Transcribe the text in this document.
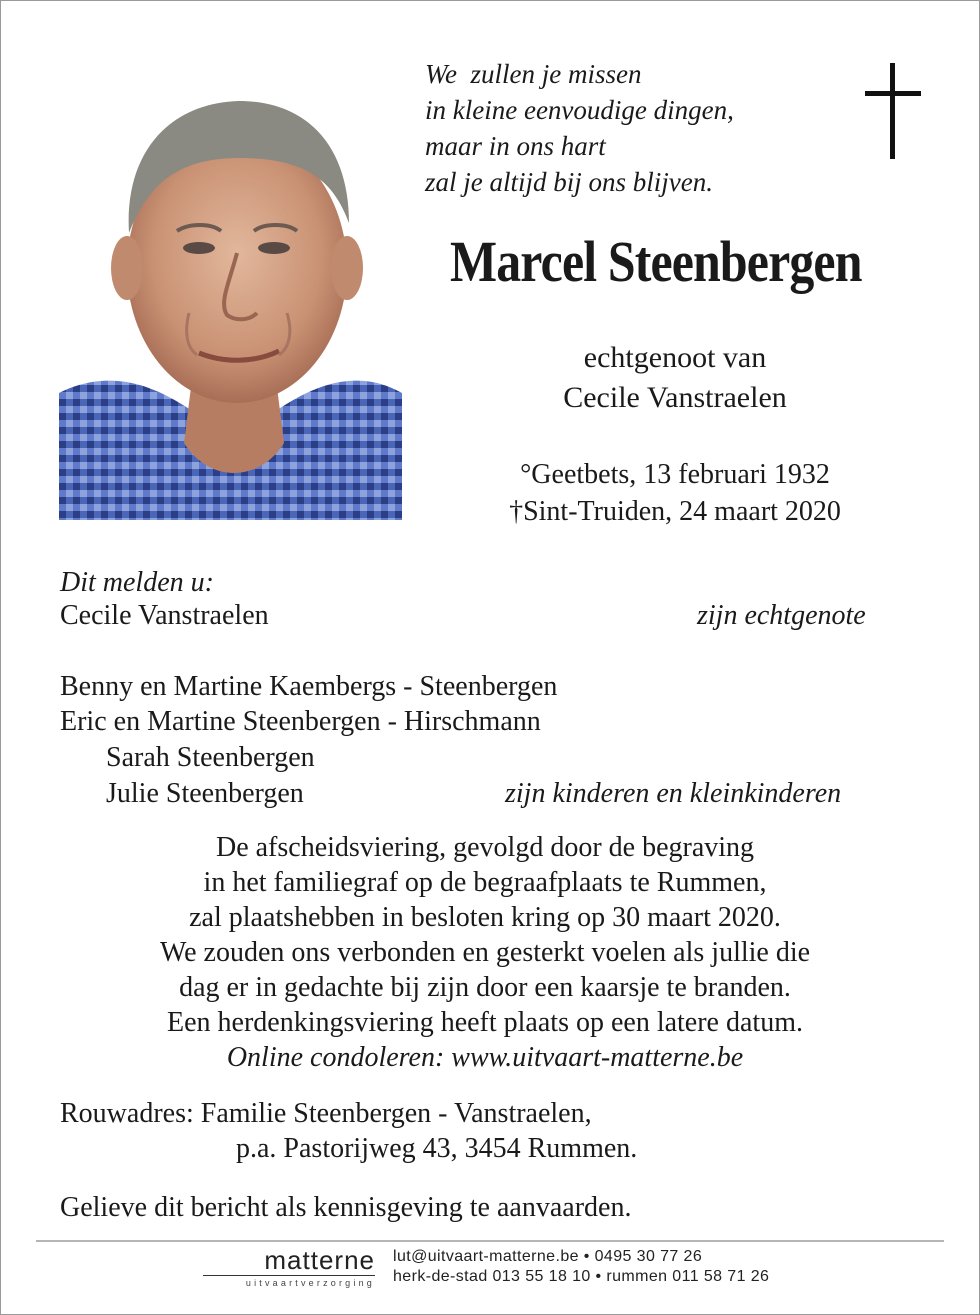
We  zullen je missen
in kleine eenvoudige dingen,
maar in ons hart
zal je altijd bij ons blijven.
Marcel Steenbergen
echtgenoot van
Cecile Vanstraelen
°Geetbets, 13 februari 1932
†Sint-Truiden, 24 maart 2020
Dit melden u:
Cecile Vanstraelen	zijn echtgenote
Benny en Martine Kaembergs - Steenbergen
Eric en Martine Steenbergen - Hirschmann
Sarah Steenbergen
Julie Steenbergen	zijn kinderen en kleinkinderen
De afscheidsviering, gevolgd door de begraving
in het familiegraf op de begraafplaats te Rummen,
zal plaatshebben in besloten kring op 30 maart 2020.
We zouden ons verbonden en gesterkt voelen als jullie die
dag er in gedachte bij zijn door een kaarsje te branden.
Een herdenkingsviering heeft plaats op een latere datum.
Online condoleren: www.uitvaart-matterne.be
Rouwadres: Familie Steenbergen - Vanstraelen,
p.a. Pastorijweg 43, 3454 Rummen.
Gelieve dit bericht als kennisgeving te aanvaarden.
matterne
uitvaartverzorging
lut@uitvaart-matterne.be • 0495 30 77 26
herk-de-stad 013 55 18 10 • rummen 011 58 71 26
